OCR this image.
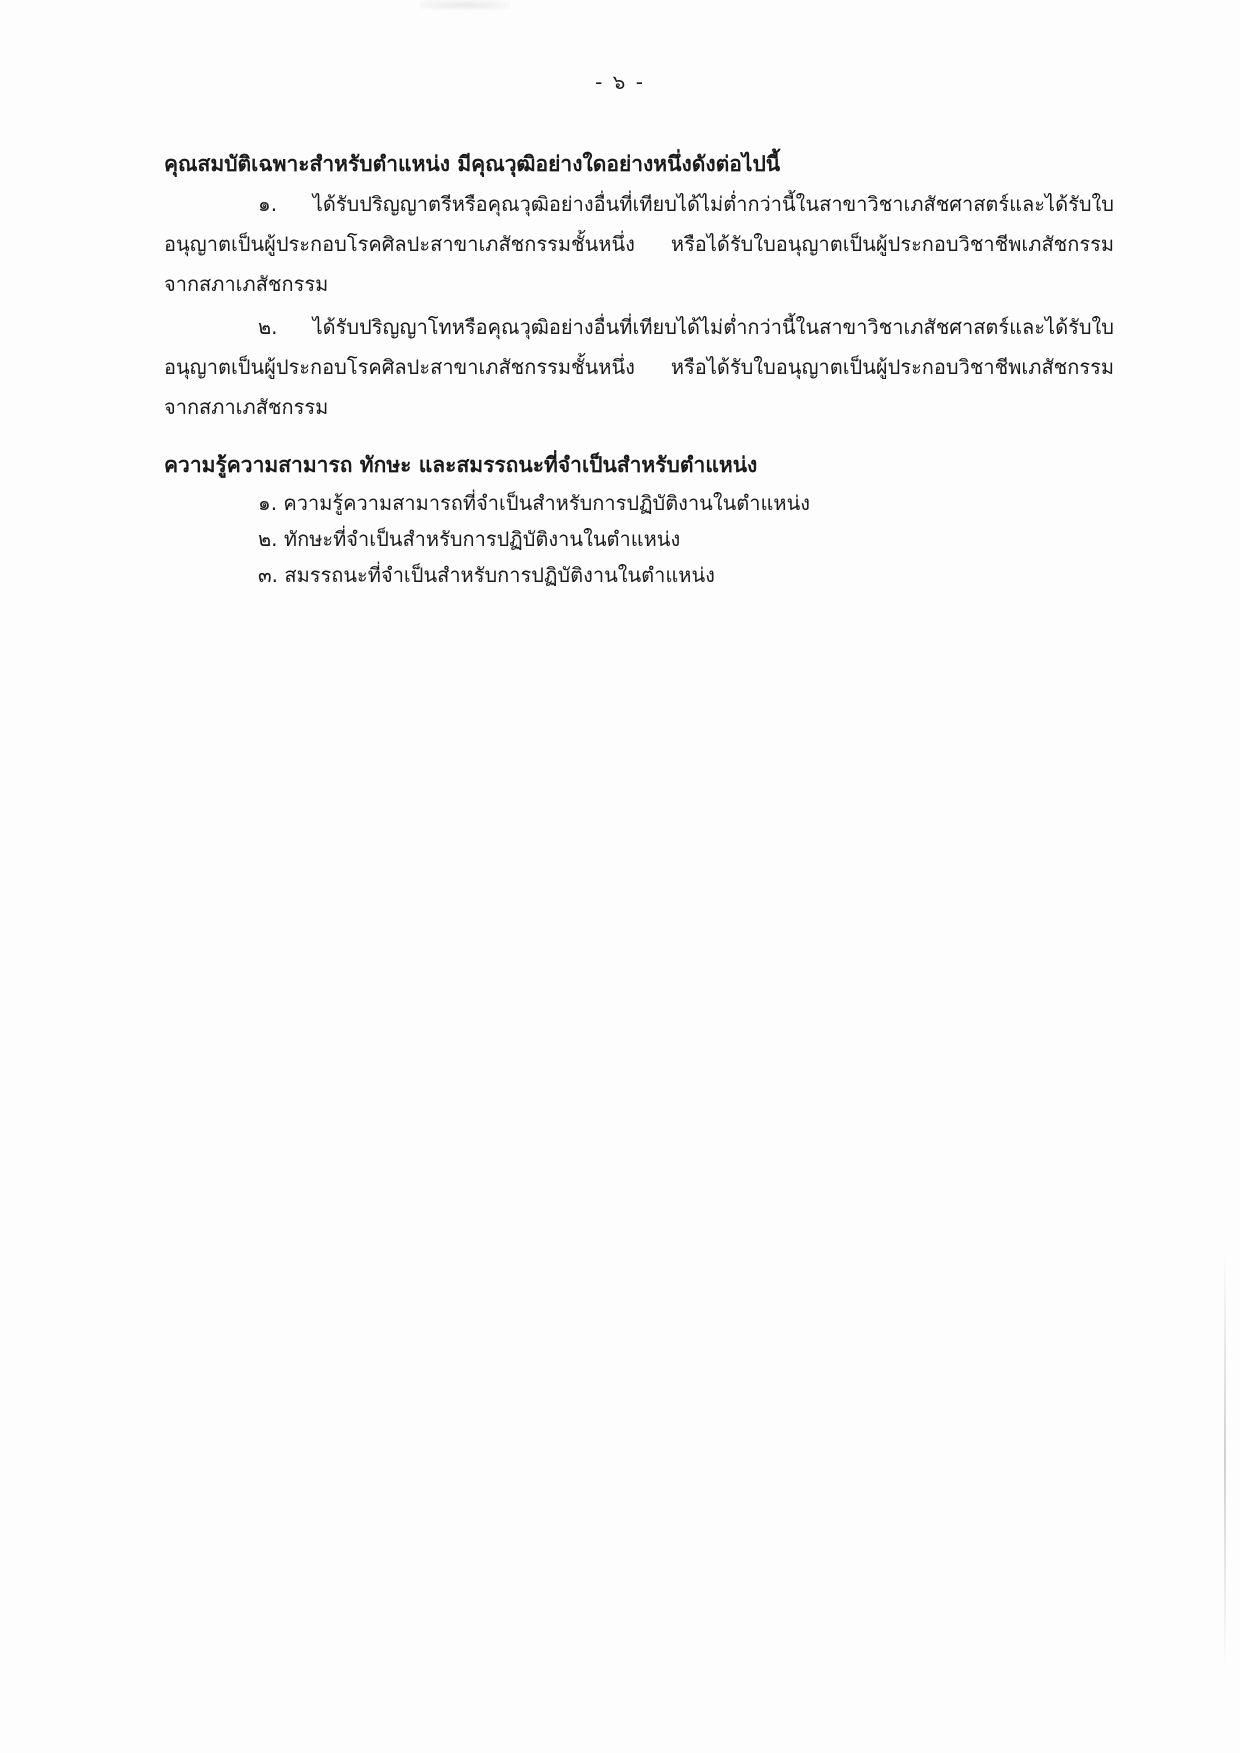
- ๖ -

คุณสมบัติเฉพาะสำหรับตำแหน่ง มีคุณวุฒิอย่างใดอย่างหนึ่งดังต่อไปนี้

๑. ได้รับปริญญาตรีหรือคุณวุฒิอย่างอื่นที่เทียบได้ไม่ต่ำกว่านี้ในสาขาวิชาเภสัชศาสตร์และได้รับใบอนุญาตเป็นผู้ประกอบโรคศิลปะสาขาเภสัชกรรมชั้นหนึ่ง หรือได้รับใบอนุญาตเป็นผู้ประกอบวิชาชีพเภสัชกรรม จากสภาเภสัชกรรม

๒. ได้รับปริญญาโทหรือคุณวุฒิอย่างอื่นที่เทียบได้ไม่ต่ำกว่านี้ในสาขาวิชาเภสัชศาสตร์และได้รับใบอนุญาตเป็นผู้ประกอบโรคศิลปะสาขาเภสัชกรรมชั้นหนึ่ง หรือได้รับใบอนุญาตเป็นผู้ประกอบวิชาชีพเภสัชกรรม จากสภาเภสัชกรรม

ความรู้ความสามารถ ทักษะ และสมรรถนะที่จำเป็นสำหรับตำแหน่ง

๑. ความรู้ความสามารถที่จำเป็นสำหรับการปฏิบัติงานในตำแหน่ง
๒. ทักษะที่จำเป็นสำหรับการปฏิบัติงานในตำแหน่ง
๓. สมรรถนะที่จำเป็นสำหรับการปฏิบัติงานในตำแหน่ง
